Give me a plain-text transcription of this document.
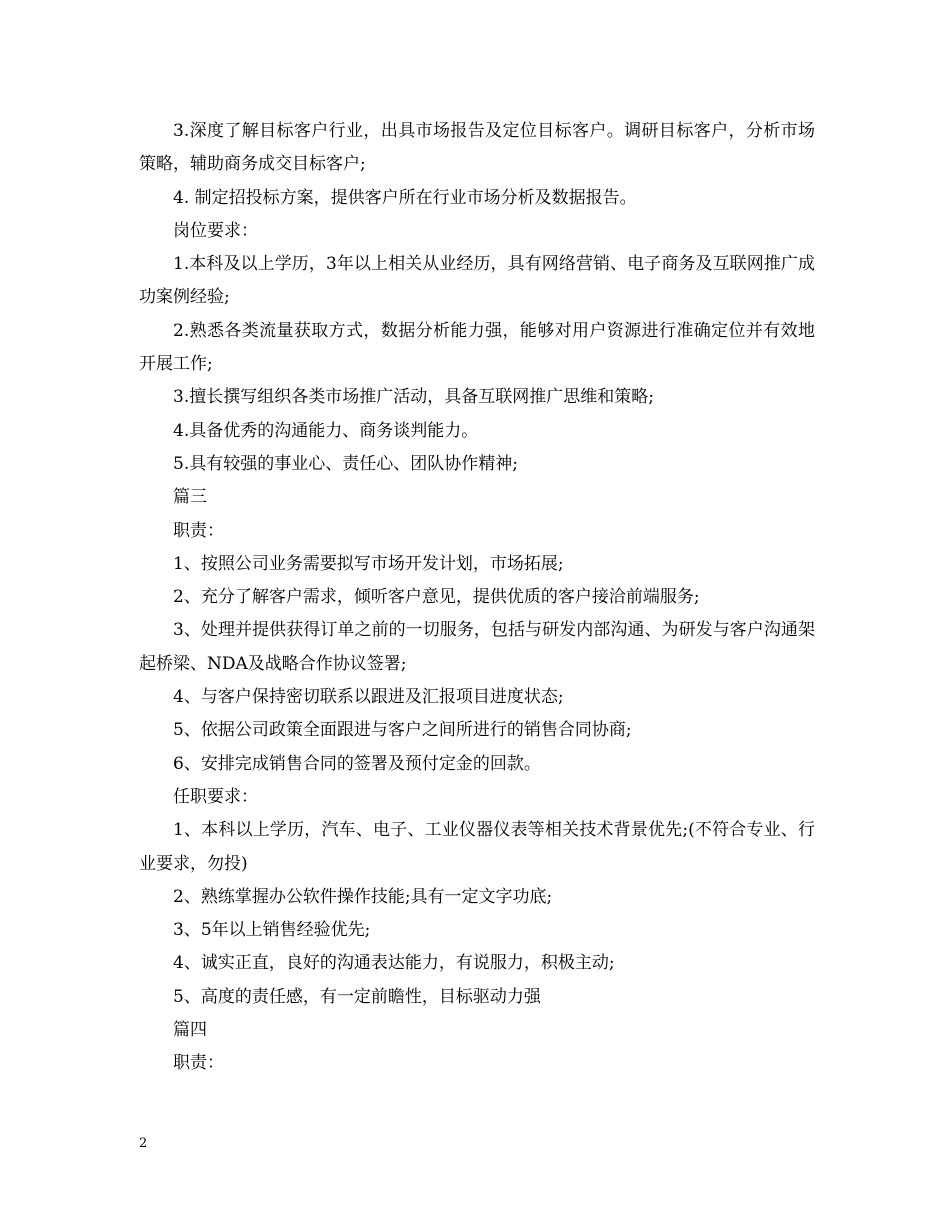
3.深度了解目标客户行业，出具市场报告及定位目标客户。调研目标客户，分析市场策略，辅助商务成交目标客户;

4. 制定招投标方案，提供客户所在行业市场分析及数据报告。

岗位要求：

1.本科及以上学历，3年以上相关从业经历，具有网络营销、电子商务及互联网推广成功案例经验;

2.熟悉各类流量获取方式，数据分析能力强，能够对用户资源进行准确定位并有效地开展工作;

3.擅长撰写组织各类市场推广活动，具备互联网推广思维和策略;

4.具备优秀的沟通能力、商务谈判能力。

5.具有较强的事业心、责任心、团队协作精神;

篇三

职责：

1、按照公司业务需要拟写市场开发计划，市场拓展;

2、充分了解客户需求，倾听客户意见，提供优质的客户接洽前端服务;

3、处理并提供获得订单之前的一切服务，包括与研发内部沟通、为研发与客户沟通架起桥梁、NDA及战略合作协议签署;

4、与客户保持密切联系以跟进及汇报项目进度状态;

5、依据公司政策全面跟进与客户之间所进行的销售合同协商;

6、安排完成销售合同的签署及预付定金的回款。

任职要求：

1、本科以上学历，汽车、电子、工业仪器仪表等相关技术背景优先;(不符合专业、行业要求，勿投)

2、熟练掌握办公软件操作技能;具有一定文字功底;

3、5年以上销售经验优先;

4、诚实正直，良好的沟通表达能力，有说服力，积极主动;

5、高度的责任感，有一定前瞻性，目标驱动力强

篇四

职责：

2
